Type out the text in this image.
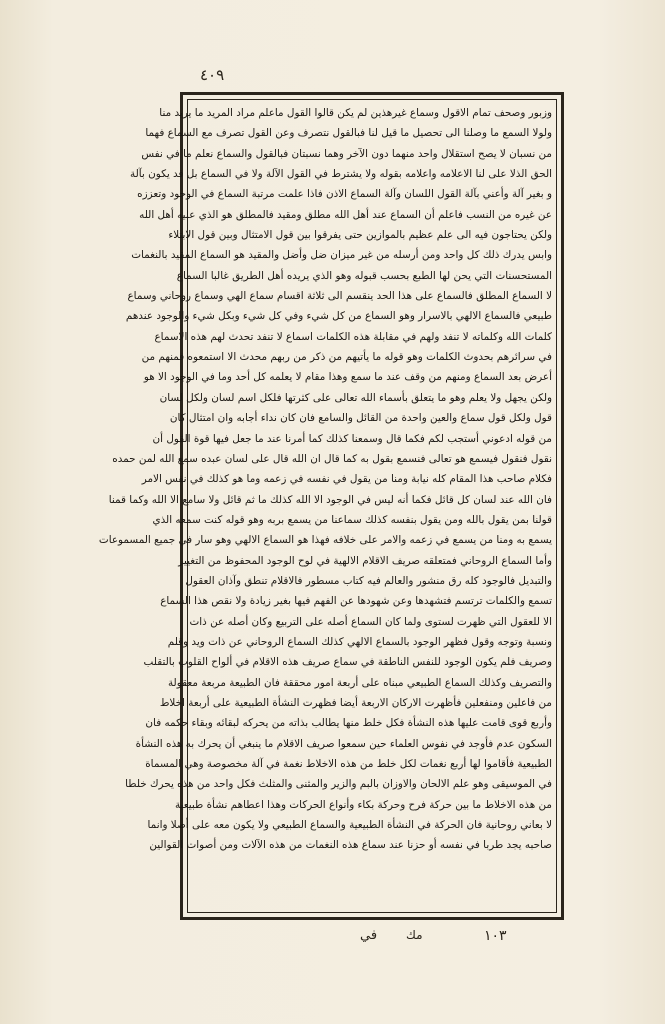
٤٠٩
وزبور وصحف تمام الاقول وسماع غيرهذين لم يكن قالوا القول ماعلم مراد المريد ما يريد منا
ولولا السمع ما وصلنا الى تحصيل ما قيل لنا فبالقول نتصرف وعن القول تصرف مع السماع فهما
من نسبان لا يصح استقلال واحد منهما دون الآخر وهما نسبتان فبالقول والسماع نعلم ما في نفس
الحق الذلا على لنا الاعلامه واعلامه بقوله ولا يشترط في القول الآلة ولا في السماع بل قد يكون بآلة
و بغير آلة وأعني بآلة القول اللسان وآلة السماع الاذن فاذا علمت مرتبة السماع في الوجود وتعززه
عن غيره من النسب فاعلم أن السماع عند أهل الله مطلق ومقيد فالمطلق هو الذي عليه أهل الله
ولكن يحتاجون فيه الى علم عظيم بالموازين حتى يفرقوا بين قول الامتثال وبين قول الابتلاء
وابس يدرك ذلك كل واحد ومن أرسله من غير ميزان ضل وأضل والمقيد هو السماع المقيد بالنغمات
المستحسنات التي يحن لها الطبع بحسب قبوله وهو الذي يريده أهل الطريق غالبا السماع
لا السماع المطلق فالسماع على هذا الحد ينقسم الى ثلاثة اقسام سماع الهي وسماع روحاني وسماع
طبيعي فالسماع الالهي بالاسرار وهو السماع من كل شيء وفي كل شيء وبكل شيء والوجود عندهم
كلمات الله وكلماته لا تنفد ولهم في مقابلة هذه الكلمات اسماع لا تنفد تحدث لهم هذه الاسماع
في سرائرهم بحدوث الكلمات وهو قوله ما يأتيهم من ذكر من ربهم محدث الا استمعوه فمنهم من
أعرض بعد السماع ومنهم من وقف عند ما سمع وهذا مقام لا يعلمه كل أحد وما في الوجود الا هو
ولكن يجهل ولا يعلم وهو ما يتعلق بأسماء الله تعالى على كثرتها فلكل اسم لسان ولكل لسان
قول ولكل قول سماع والعين واحدة من القائل والسامع فان كان نداء أجابه وان امتثال كان
من قوله ادعوني أستجب لكم فكما قال وسمعنا كذلك كما أمرنا عند ما جعل فيها قوة القول أن
نقول فنقول فيسمع هو تعالى فنسمع بقول به كما قال ان الله قال على لسان عبده سمع الله لمن حمده
فكلام صاحب هذا المقام كله نيابة ومنا من يقول في نفسه في زعمه وما هو كذلك في نفس الامر
فان الله عند لسان كل قائل فكما أنه ليس في الوجود الا الله كذلك ما ثم قائل ولا سامع الا الله وكما قمنا
قولنا بمن يقول بالله ومن يقول بنفسه كذلك سماعنا من يسمع بربه وهو قوله كنت سمعه الذي
يسمع به ومنا من يسمع في زعمه والامر على خلافه فهذا هو السماع الالهي وهو سار في جميع المسموعات
وأما السماع الروحاني فمتعلقه صريف الاقلام الالهية في لوح الوجود المحفوظ من التغيير
والتبديل فالوجود كله رق منشور والعالم فيه كتاب مسطور فالاقلام تنطق وآذان العقول
تسمع والكلمات ترتسم فتشهدها وعن شهودها عن الفهم فيها بغير زيادة ولا نقص هذا السماع
الا للعقول التي ظهرت لستوى ولما كان السماع أصله على التربيع وكان أصله عن ذات
ونسبة وتوجه وقول فظهر الوجود بالسماع الالهي كذلك السماع الروحاني عن ذات ويد وقلم
وصريف فلم يكون الوجود للنفس الناطقة في سماع صريف هذه الاقلام في ألواح القلوب بالتقلب
والتصريف وكذلك السماع الطبيعي مبناه على أربعة امور محققة فان الطبيعة مربعة معقولة
من فاعلين ومنفعلين فأظهرت الاركان الاربعة أيضا فظهرت النشأة الطبيعية على أربعة اخلاط
وأربع قوى قامت عليها هذه النشأة فكل خلط منها يطالب بذاته من يحركه لبقائه وبقاء حكمه فان
السكون عدم فأوجد في نفوس العلماء حين سمعوا صريف الاقلام ما ينبغي أن يحرك به هذه النشأة
الطبيعية فأقاموا لها أربع نغمات لكل خلط من هذه الاخلاط نغمة في آلة مخصوصة وهي المسماة
في الموسيقى وهو علم الالحان والاوزان بالبم والزير والمثنى والمثلث فكل واحد من هذه يحرك خلطا
من هذه الاخلاط ما بين حركة فرح وحركة بكاء وأنواع الحركات وهذا اعطاهم نشأة طبيعية
لا بعاني روحانية فان الحركة في النشأة الطبيعية والسماع الطبيعي ولا يكون معه على أصلا وانما
صاحبه يجد طربا في نفسه أو حزنا عند سماع هذه النغمات من هذه الآلات ومن أصوات القوالين
في مك	١٠٣
